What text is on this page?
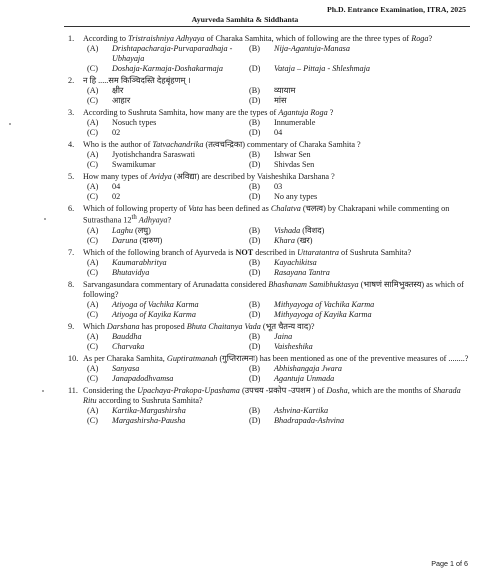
Ph.D. Entrance Examination, ITRA, 2025
Ayurveda Samhita & Siddhanta
1.	According to Tristraishniya Adhyaya of Charaka Samhita, which of following are the three types of Roga?
(A)	Drishtapacharaja-Purvaparadhaja - Ubhayaja
(B)	Nija-Agantuja-Manasa
(C)	Doshaja-Karmaja-Doshakarmaja	(D)	Vataja – Pittaja - Shleshmaja
2.	न हि .....सम किञ्चिदस्ति देहबृंहणम् ।
(A)	क्षीर	(B)	व्यायाम
(C)	आहार	(D)	मांस
3.	According to Sushruta Samhita, how many are the types of Agantuja Roga ?
(A)	Nosuch types	(B)	Innumerable
(C)	02	(D)	04
4.	Who is the author of Tatvachandrika (तत्वचन्द्रिका) commentary of Charaka Samhita ?
(A)	Jyotishchandra Saraswati	(B)	Ishwar Sen
(C)	Swamikumar	(D)	Shivdas Sen
5.	How many types of Avidya (अविद्या) are described by Vaisheshika Darshana ?
(A)	04	(B)	03
(C)	02	(D)	No any types
6.	Which of following property of Vata has been defined as Chalatva (चलत्व) by Chakrapani while commenting on Sutrasthana 12th Adhyaya?
(A)	Laghu (लघु)	(B)	Vishada (विशद)
(C)	Daruna (दारुण)	(D)	Khara (खर)
7.	Which of the following branch of Ayurveda is NOT described in Uttaratantra of Sushruta Samhita?
(A)	Kaumarabhritya	(B)	Kayachikitsa
(C)	Bhutavidya	(D)	Rasayana Tantra
8.	Sarvangasundara commentary of Arunadatta considered Bhashanam Samibhuktasya (भाषणं सामिभुक्तस्य) as which of following?
(A)	Atiyoga of Vachika Karma	(B)	Mithyayoga of Vachika Karma
(C)	Atiyoga of Kayika Karma	(D)	Mithyayoga of Kayika Karma
9.	Which Darshana has proposed Bhuta Chaitanya Vada (भूत चैतन्य वाद)?
(A)	Bauddha	(B)	Jaina
(C)	Charvaka	(D)	Vaisheshika
10. As per Charaka Samhita, Guptiratmanah (गुप्तिरात्मनः) has been mentioned as one of the preventive measures of ........?
(A)	Sanyasa	(B)	Abhishangaja Jwara
(C)	Janapadodhvamsa	(D)	Agantuja Unmada
11. Considering the Upachaya-Prakopa-Upashama (उपचय -प्रकोप -उपशम ) of Dosha, which are the months of Sharada Ritu according to Sushruta Samhita?
(A)	Kartika-Margashirsha	(B)	Ashvina-Kartika
(C)	Margashirsha-Pausha	(D)	Bhadrapada-Ashvina
Page 1 of 6
